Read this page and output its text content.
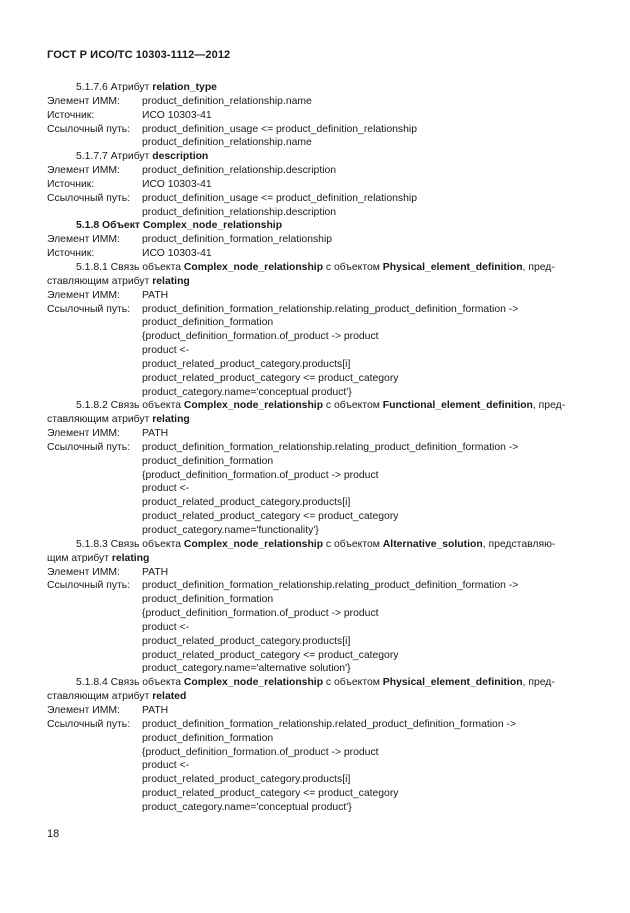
ГОСТ Р ИСО/ТС 10303-1112—2012
5.1.7.6 Атрибут relation_type
Элемент ИММ:	product_definition_relationship.name
Источник:	ИСО 10303-41
Ссылочный путь:	product_definition_usage <= product_definition_relationship
product_definition_relationship.name
5.1.7.7 Атрибут description
Элемент ИММ:	product_definition_relationship.description
Источник:	ИСО 10303-41
Ссылочный путь:	product_definition_usage <= product_definition_relationship
product_definition_relationship.description
5.1.8 Объект Complex_node_relationship
Элемент ИММ:	product_definition_formation_relationship
Источник:	ИСО 10303-41
5.1.8.1 Связь объекта Complex_node_relationship с объектом Physical_element_definition, пред-
ставляющим атрибут relating
Элемент ИММ:	PATH
Ссылочный путь:	product_definition_formation_relationship.relating_product_definition_formation ->
product_definition_formation
{product_definition_formation.of_product -> product
product <-
product_related_product_category.products[i]
product_related_product_category <= product_category
product_category.name='conceptual product'}
5.1.8.2 Связь объекта Complex_node_relationship с объектом Functional_element_definition, пред-
ставляющим атрибут relating
Элемент ИММ:	PATH
Ссылочный путь:	product_definition_formation_relationship.relating_product_definition_formation ->
product_definition_formation
{product_definition_formation.of_product -> product
product <-
product_related_product_category.products[i]
product_related_product_category <= product_category
product_category.name='functionality'}
5.1.8.3 Связь объекта Complex_node_relationship с объектом Alternative_solution, представляю-
щим атрибут relating
Элемент ИММ:	PATH
Ссылочный путь:	product_definition_formation_relationship.relating_product_definition_formation ->
product_definition_formation
{product_definition_formation.of_product -> product
product <-
product_related_product_category.products[i]
product_related_product_category <= product_category
product_category.name='alternative solution'}
5.1.8.4 Связь объекта Complex_node_relationship с объектом Physical_element_definition, пред-
ставляющим атрибут related
Элемент ИММ:	PATH
Ссылочный путь:	product_definition_formation_relationship.related_product_definition_formation ->
product_definition_formation
{product_definition_formation.of_product -> product
product <-
product_related_product_category.products[i]
product_related_product_category <= product_category
product_category.name='conceptual product'}
18
